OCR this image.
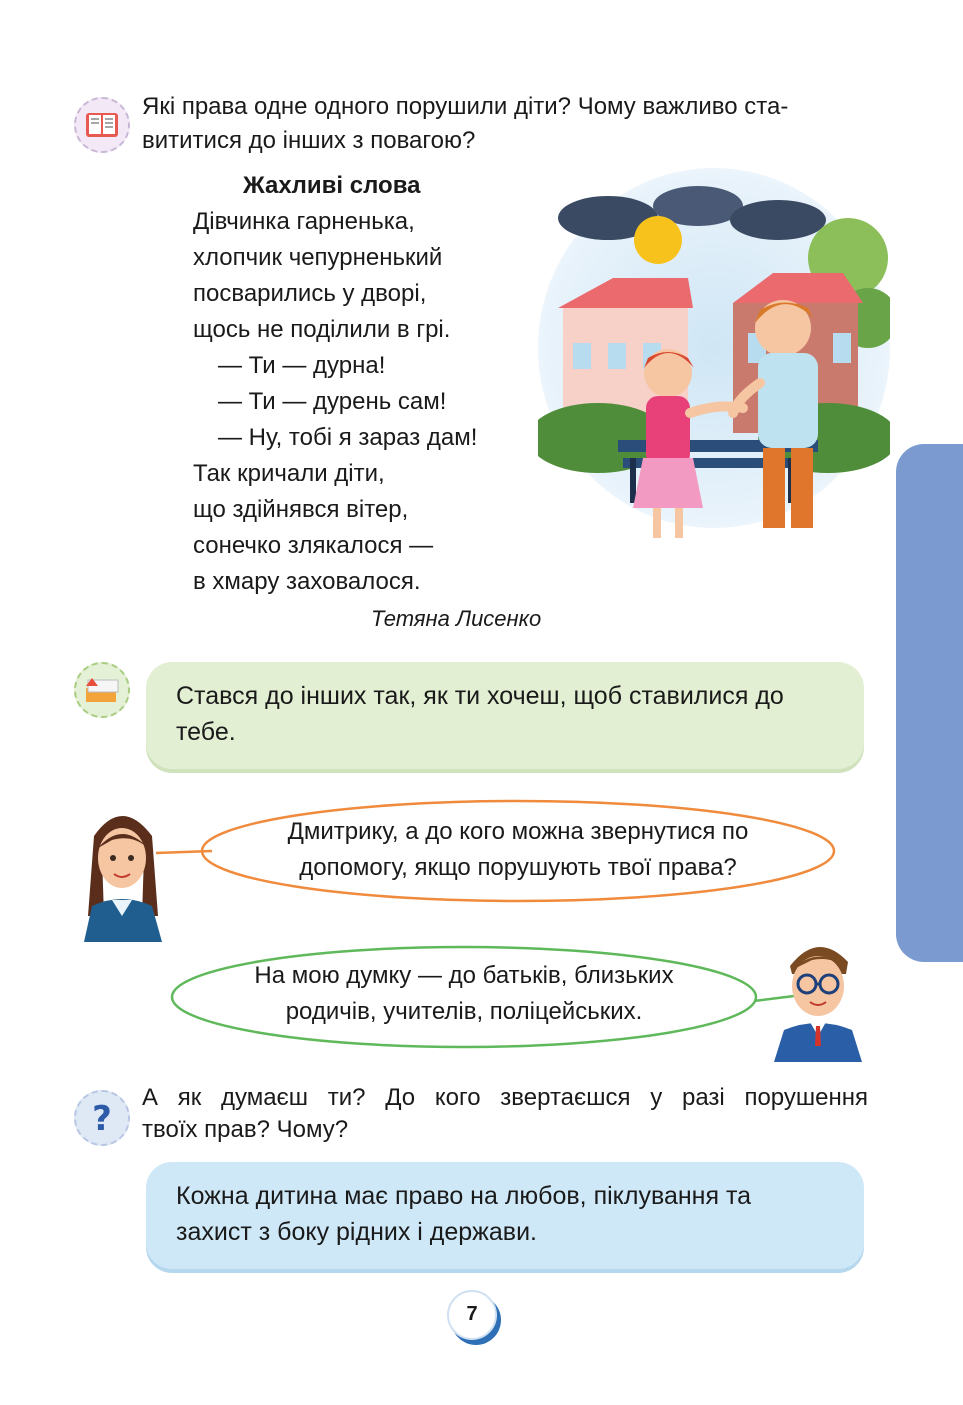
Які права одне одного порушили діти? Чому важливо ста-
вититися до інших з повагою?
Жахливі слова
Дівчинка гарненька,
хлопчик чепурненький
посварились у дворі,
щось не поділили в грі.
— Ти — дурна!
— Ти — дурень сам!
— Ну, тобі я зараз дам!
Так кричали діти,
що здійнявся вітер,
сонечко злякалося —
в хмару заховалося.
Тетяна Лисенко
Стався до інших так, як ти хочеш, щоб ставилися до тебе.
Дмитрику, а до кого можна звернутися по
допомогу, якщо порушують твої права?
На мою думку — до батьків, близьких
родичів, учителів, поліцейських.
?
А як думаєш ти? До кого звертаєшся у разі порушення
твоїх прав? Чому?
Кожна дитина має право на любов, піклування та
захист з боку рідних і держави.
7
